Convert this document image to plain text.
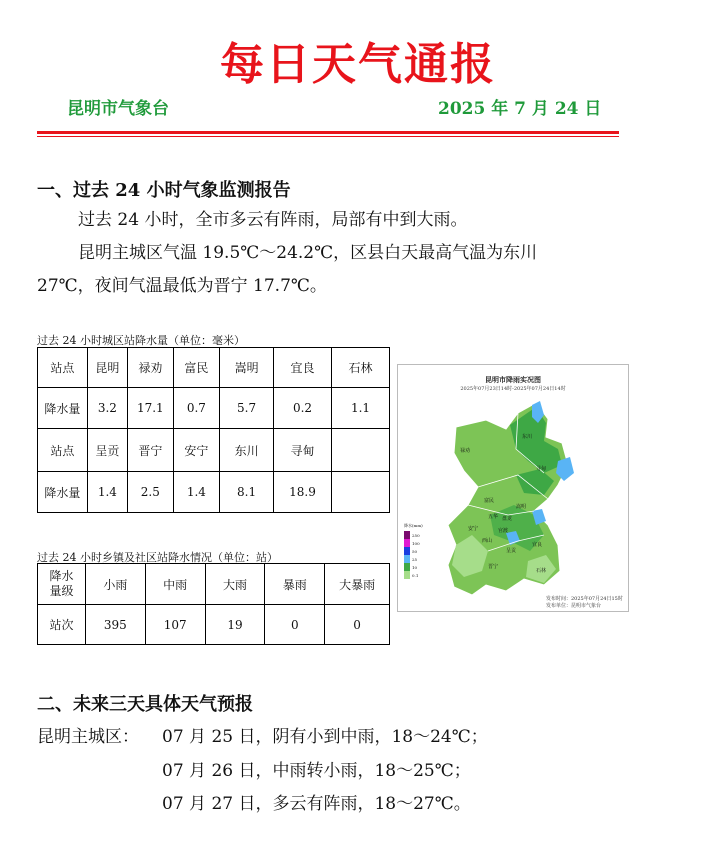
每日天气通报
昆明市气象台	2025 年 7 月 24 日
一、过去 24 小时气象监测报告
过去 24 小时，全市多云有阵雨，局部有中到大雨。
昆明主城区气温 19.5℃～24.2℃，区县白天最高气温为东川
27℃，夜间气温最低为晋宁 17.7℃。
过去 24 小时城区站降水量（单位：毫米）
站点	昆明	禄劝	富民	嵩明	宜良	石林
降水量	3.2	17.1	0.7	5.7	0.2	1.1
站点	呈贡	晋宁	安宁	东川	寻甸	
降水量	1.4	2.5	1.4	8.1	18.9	
过去 24 小时乡镇及社区站降水情况（单位：站）
降水量级	小雨	中雨	大雨	暴雨	大暴雨
站次	395	107	19	0	0
昆明市降雨实况图
2025年07月23日14时-2025年07月24日14时
禄劝
东川
寻甸
富民
嵩明
安宁
五华 盘龙
官渡
西山
呈贡
晋宁
宜良
石林
降水(mm)
250
100
50
25
10
0.1
发布时间：2025年07月24日15时
发布单位：昆明市气象台
二、未来三天具体天气预报
昆明主城区： 07 月 25 日，阴有小到中雨，18～24℃；
07 月 26 日，中雨转小雨，18～25℃；
07 月 27 日，多云有阵雨，18～27℃。
